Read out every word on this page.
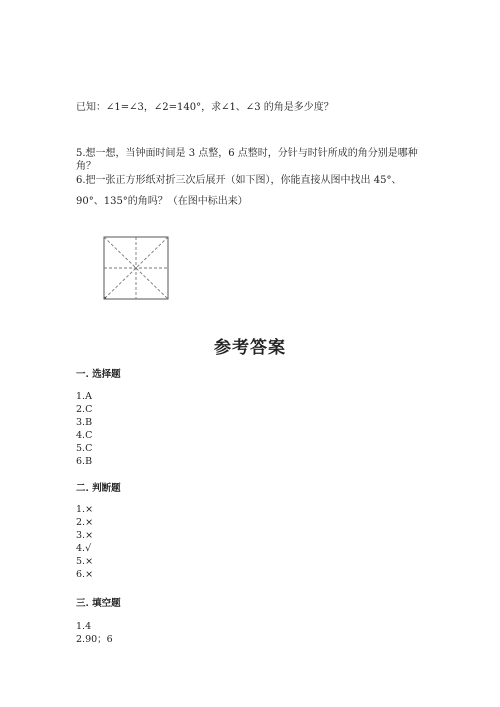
已知：∠1=∠3，∠2=140°，求∠1、∠3 的角是多少度？
5.想一想，当钟面时间是 3 点整，6 点整时，分针与时针所成的角分别是哪种
角？
6.把一张正方形纸对折三次后展开（如下图），你能直接从图中找出 45°、
90°、135°的角吗？（在图中标出来）
参考答案
一. 选择题
1.A
2.C
3.B
4.C
5.C
6.B
二. 判断题
1.×
2.×
3.×
4.√
5.×
6.×
三. 填空题
1.4
2.90；6
